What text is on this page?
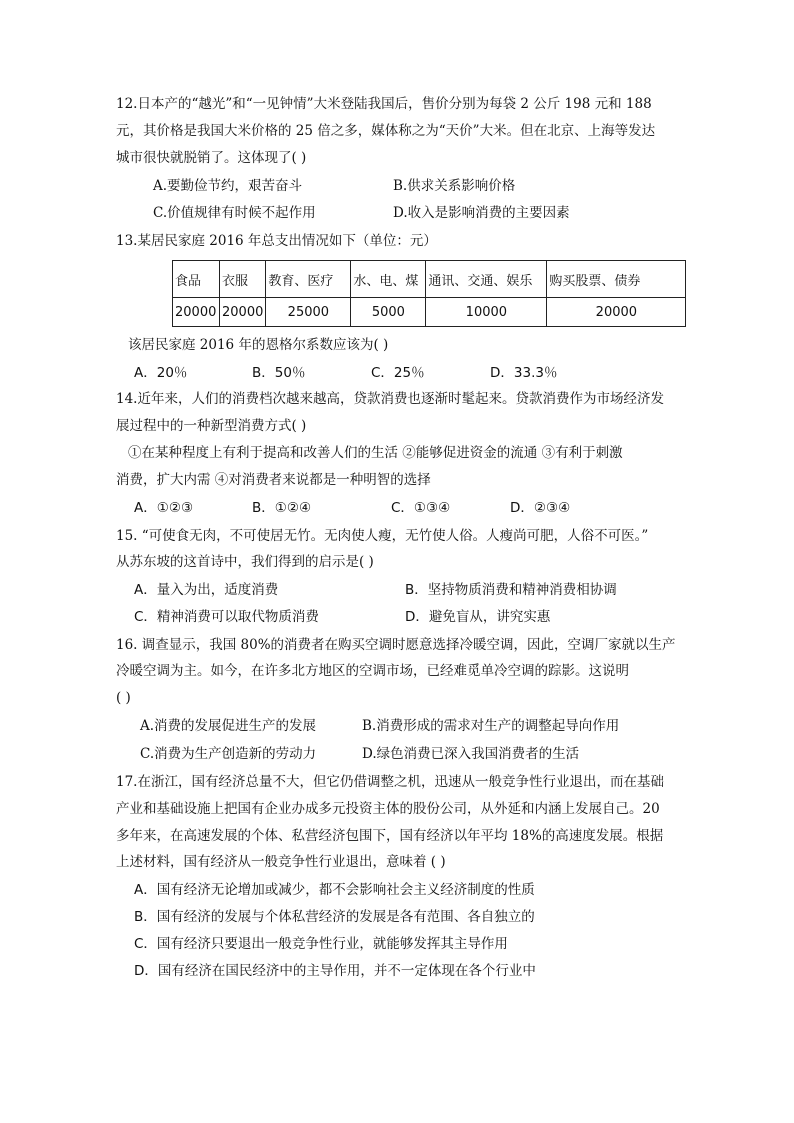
12.日本产的“越光”和“一见钟情”大米登陆我国后，售价分别为每袋 2 公斤 198 元和 188
元，其价格是我国大米价格的 25 倍之多，媒体称之为“天价”大米。但在北京、上海等发达
城市很快就脱销了。这体现了( )
A.要勤俭节约，艰苦奋斗	B.供求关系影响价格
C.价值规律有时候不起作用	D.收入是影响消费的主要因素
13.某居民家庭 2016 年总支出情况如下（单位：元）
食品	衣服	教育、医疗	水、电、煤	通讯、交通、娱乐	购买股票、债券
20000	20000	25000	5000	10000	20000
该居民家庭 2016 年的恩格尔系数应该为( )
A．20％	B．50％	C．25％	D．33.3％
14.近年来，人们的消费档次越来越高，贷款消费也逐渐时髦起来。贷款消费作为市场经济发
展过程中的一种新型消费方式( )
①在某种程度上有利于提高和改善人们的生活 ②能够促进资金的流通 ③有利于刺激
消费，扩大内需 ④对消费者来说都是一种明智的选择
A．①②③	B．①②④	C．①③④	D．②③④
15. “可使食无肉，不可使居无竹。无肉使人瘦，无竹使人俗。人瘦尚可肥，人俗不可医。”
从苏东坡的这首诗中，我们得到的启示是( )
A．量入为出，适度消费	B．坚持物质消费和精神消费相协调
C．精神消费可以取代物质消费	D．避免盲从，讲究实惠
16. 调查显示，我国 80%的消费者在购买空调时愿意选择冷暖空调，因此，空调厂家就以生产
冷暖空调为主。如今，在许多北方地区的空调市场，已经难觅单冷空调的踪影。这说明
( )
A.消费的发展促进生产的发展	B.消费形成的需求对生产的调整起导向作用
C.消费为生产创造新的劳动力	D.绿色消费已深入我国消费者的生活
17.在浙江，国有经济总量不大，但它仍借调整之机，迅速从一般竞争性行业退出，而在基础
产业和基础设施上把国有企业办成多元投资主体的股份公司，从外延和内涵上发展自己。20
多年来，在高速发展的个体、私营经济包围下，国有经济以年平均 18%的高速度发展。根据
上述材料，国有经济从一般竞争性行业退出，意味着 ( )
A．国有经济无论增加或减少，都不会影响社会主义经济制度的性质
B．国有经济的发展与个体私营经济的发展是各有范围、各自独立的
C．国有经济只要退出一般竞争性行业，就能够发挥其主导作用
D．国有经济在国民经济中的主导作用，并不一定体现在各个行业中
